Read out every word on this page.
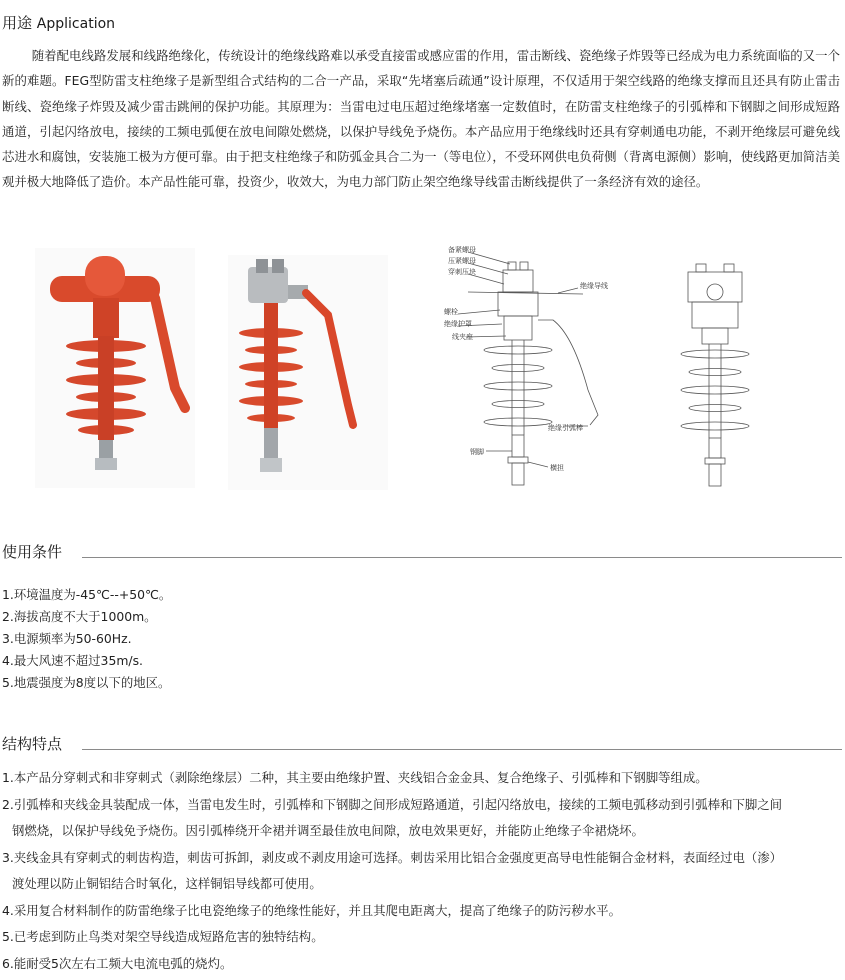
用途 Application
随着配电线路发展和线路绝缘化，传统设计的绝缘线路难以承受直接雷或感应雷的作用，雷击断线、瓷绝缘子炸毁等已经成为电力系统面临的又一个新的难题。FEG型防雷支柱绝缘子是新型组合式结构的二合一产品，采取“先堵塞后疏通”设计原理，不仅适用于架空线路的绝缘支撑而且还具有防止雷击断线、瓷绝缘子炸毁及减少雷击跳闸的保护功能。其原理为：当雷电过电压超过绝缘堵塞一定数值时，在防雷支柱绝缘子的引弧棒和下钢脚之间形成短路通道，引起闪络放电，接续的工频电弧便在放电间隙处燃烧，以保护导线免予烧伤。本产品应用于绝缘线时还具有穿刺通电功能，不剥开绝缘层可避免线芯进水和腐蚀，安装施工极为方便可靠。由于把支柱绝缘子和防弧金具合二为一（等电位），不受环网供电负荷侧（背离电源侧）影响，使线路更加简洁美观并极大地降低了造价。本产品性能可靠，投资少，收效大，为电力部门防止架空绝缘导线雷击断线提供了一条经济有效的途径。
备紧螺母
压紧螺母
穿刺压块
螺栓
绝缘护罩
线夹座
绝缘导线
绝缘引弧棒
钢脚
横担
使用条件
1.环境温度为-45℃--+50℃。
2.海拔高度不大于1000m。
3.电源频率为50-60Hz.
4.最大风速不超过35m/s.
5.地震强度为8度以下的地区。
结构特点
1.本产品分穿刺式和非穿刺式（剥除绝缘层）二种，其主要由绝缘护置、夹线铝合金金具、复合绝缘子、引弧棒和下钢脚等组成。
2.引弧棒和夹线金具装配成一体，当雷电发生时，引弧棒和下钢脚之间形成短路通道，引起闪络放电，接续的工频电弧移动到引弧棒和下脚之间
钢燃烧，以保护导线免予烧伤。因引弧棒绕开伞裙并调至最佳放电间隙，放电效果更好，并能防止绝缘子伞裙烧坏。
3.夹线金具有穿刺式的刺齿构造，刺齿可拆卸，剥皮或不剥皮用途可选择。刺齿采用比铝合金强度更高导电性能铜合金材料，表面经过电（渗）
渡处理以防止铜铝结合时氧化，这样铜铝导线都可使用。
4.采用复合材料制作的防雷绝缘子比电瓷绝缘子的绝缘性能好，并且其爬电距离大，提高了绝缘子的防污秽水平。
5.已考虑到防止鸟类对架空导线造成短路危害的独特结构。
6.能耐受5次左右工频大电流电弧的烧灼。
